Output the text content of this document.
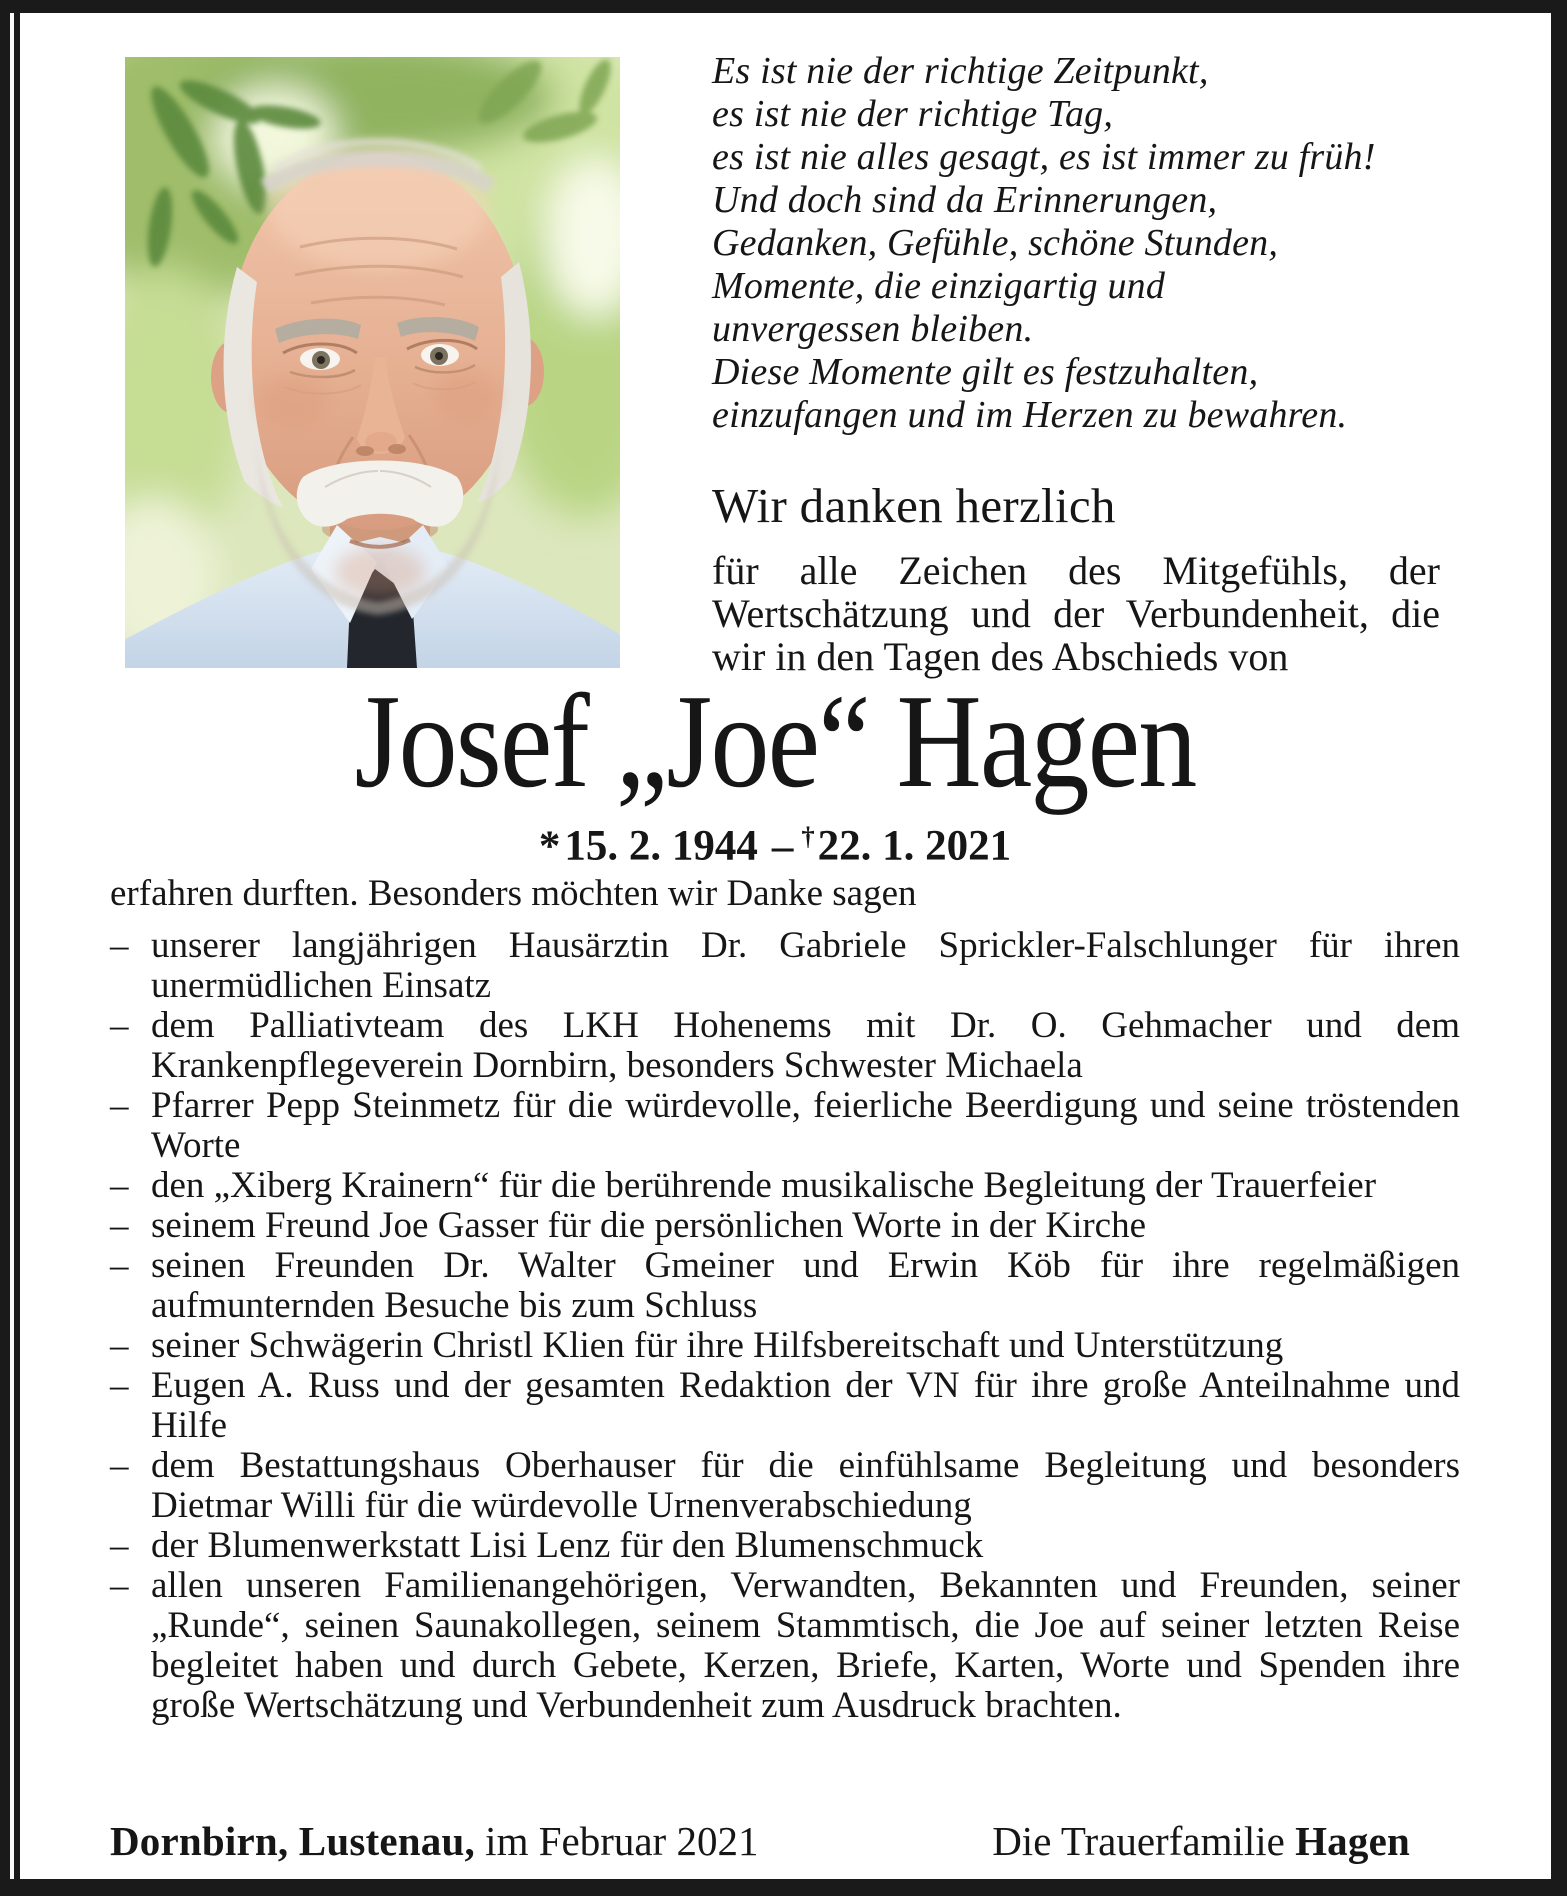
Es ist nie der richtige Zeitpunkt,
es ist nie der richtige Tag,
es ist nie alles gesagt, es ist immer zu früh!
Und doch sind da Erinnerungen,
Gedanken, Gefühle, schöne Stunden,
Momente, die einzigartig und
unvergessen bleiben.
Diese Momente gilt es festzuhalten,
einzufangen und im Herzen zu bewahren.
Wir danken herzlich
für alle Zeichen des Mitgefühls, der Wertschätzung und der Verbundenheit, die wir in den Tagen des Abschieds von
Josef „Joe“ Hagen
*15. 2. 1944 – †22. 1. 2021
erfahren durften. Besonders möchten wir Danke sagen
– unserer langjährigen Hausärztin Dr. Gabriele Sprickler-Falschlunger für ihren unermüdlichen Einsatz
– dem Palliativteam des LKH Hohenems mit Dr. O. Gehmacher und dem Krankenpflegeverein Dornbirn, besonders Schwester Michaela
– Pfarrer Pepp Steinmetz für die würdevolle, feierliche Beerdigung und seine tröstenden Worte
– den „Xiberg Krainern“ für die berührende musikalische Begleitung der Trauerfeier
– seinem Freund Joe Gasser für die persönlichen Worte in der Kirche
– seinen Freunden Dr. Walter Gmeiner und Erwin Köb für ihre regelmäßigen aufmunternden Besuche bis zum Schluss
– seiner Schwägerin Christl Klien für ihre Hilfsbereitschaft und Unterstützung
– Eugen A. Russ und der gesamten Redaktion der VN für ihre große Anteilnahme und Hilfe
– dem Bestattungshaus Oberhauser für die einfühlsame Begleitung und besonders Dietmar Willi für die würdevolle Urnenverabschiedung
– der Blumenwerkstatt Lisi Lenz für den Blumenschmuck
– allen unseren Familienangehörigen, Verwandten, Bekannten und Freunden, seiner „Runde“, seinen Saunakollegen, seinem Stammtisch, die Joe auf seiner letzten Reise begleitet haben und durch Gebete, Kerzen, Briefe, Karten, Worte und Spenden ihre große Wertschätzung und Verbundenheit zum Ausdruck brachten.
Dornbirn, Lustenau, im Februar 2021	Die Trauerfamilie Hagen
